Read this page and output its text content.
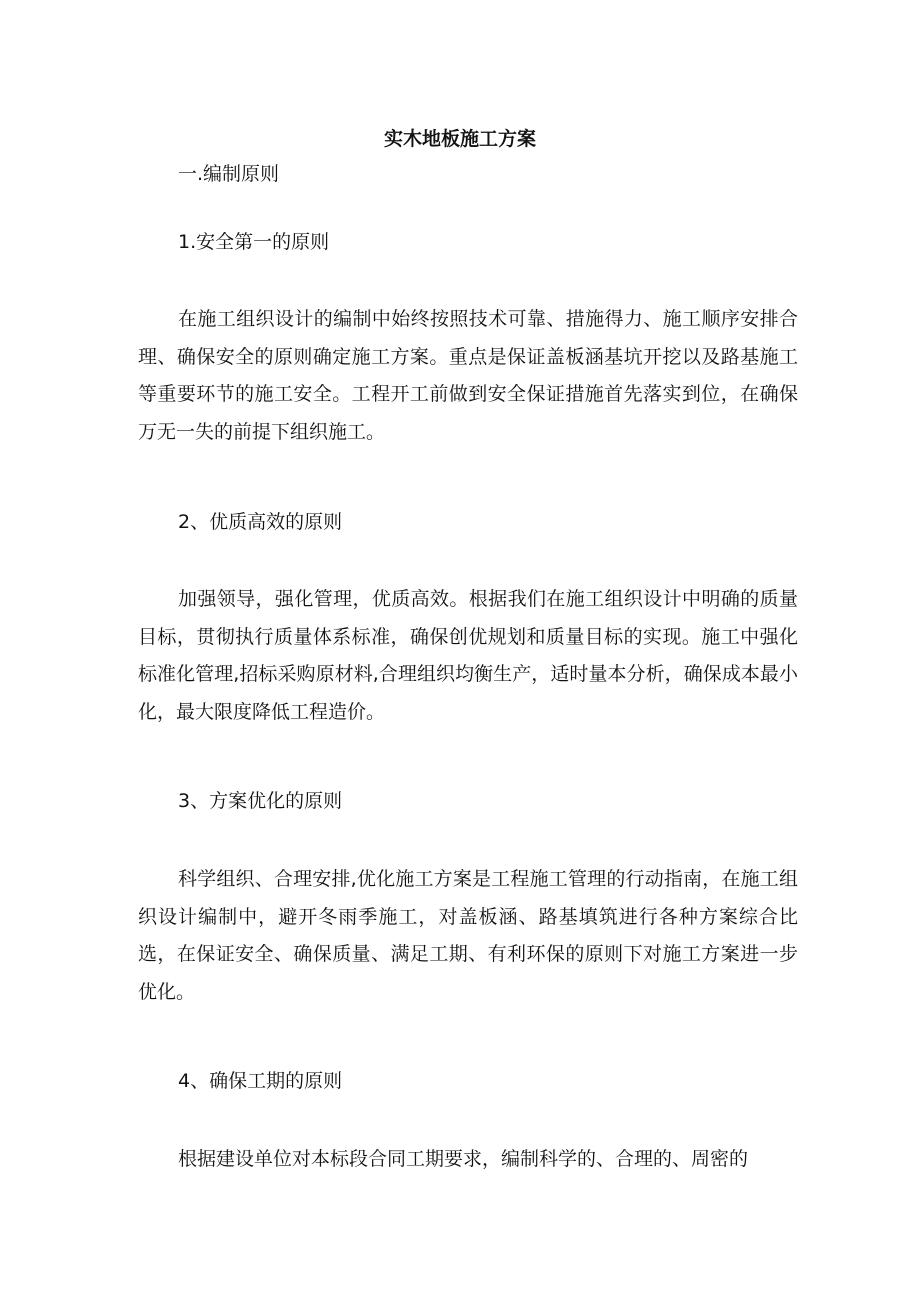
实木地板施工方案
一.编制原则
1.安全第一的原则
在施工组织设计的编制中始终按照技术可靠、措施得力、施工顺序安排合理、确保安全的原则确定施工方案。重点是保证盖板涵基坑开挖以及路基施工等重要环节的施工安全。工程开工前做到安全保证措施首先落实到位，在确保万无一失的前提下组织施工。
2、优质高效的原则
加强领导，强化管理，优质高效。根据我们在施工组织设计中明确的质量目标，贯彻执行质量体系标准，确保创优规划和质量目标的实现。施工中强化标准化管理,招标采购原材料,合理组织均衡生产，适时量本分析，确保成本最小化，最大限度降低工程造价。
3、方案优化的原则
科学组织、合理安排,优化施工方案是工程施工管理的行动指南，在施工组织设计编制中，避开冬雨季施工，对盖板涵、路基填筑进行各种方案综合比选，在保证安全、确保质量、满足工期、有利环保的原则下对施工方案进一步优化。
4、确保工期的原则
根据建设单位对本标段合同工期要求，编制科学的、合理的、周密的
